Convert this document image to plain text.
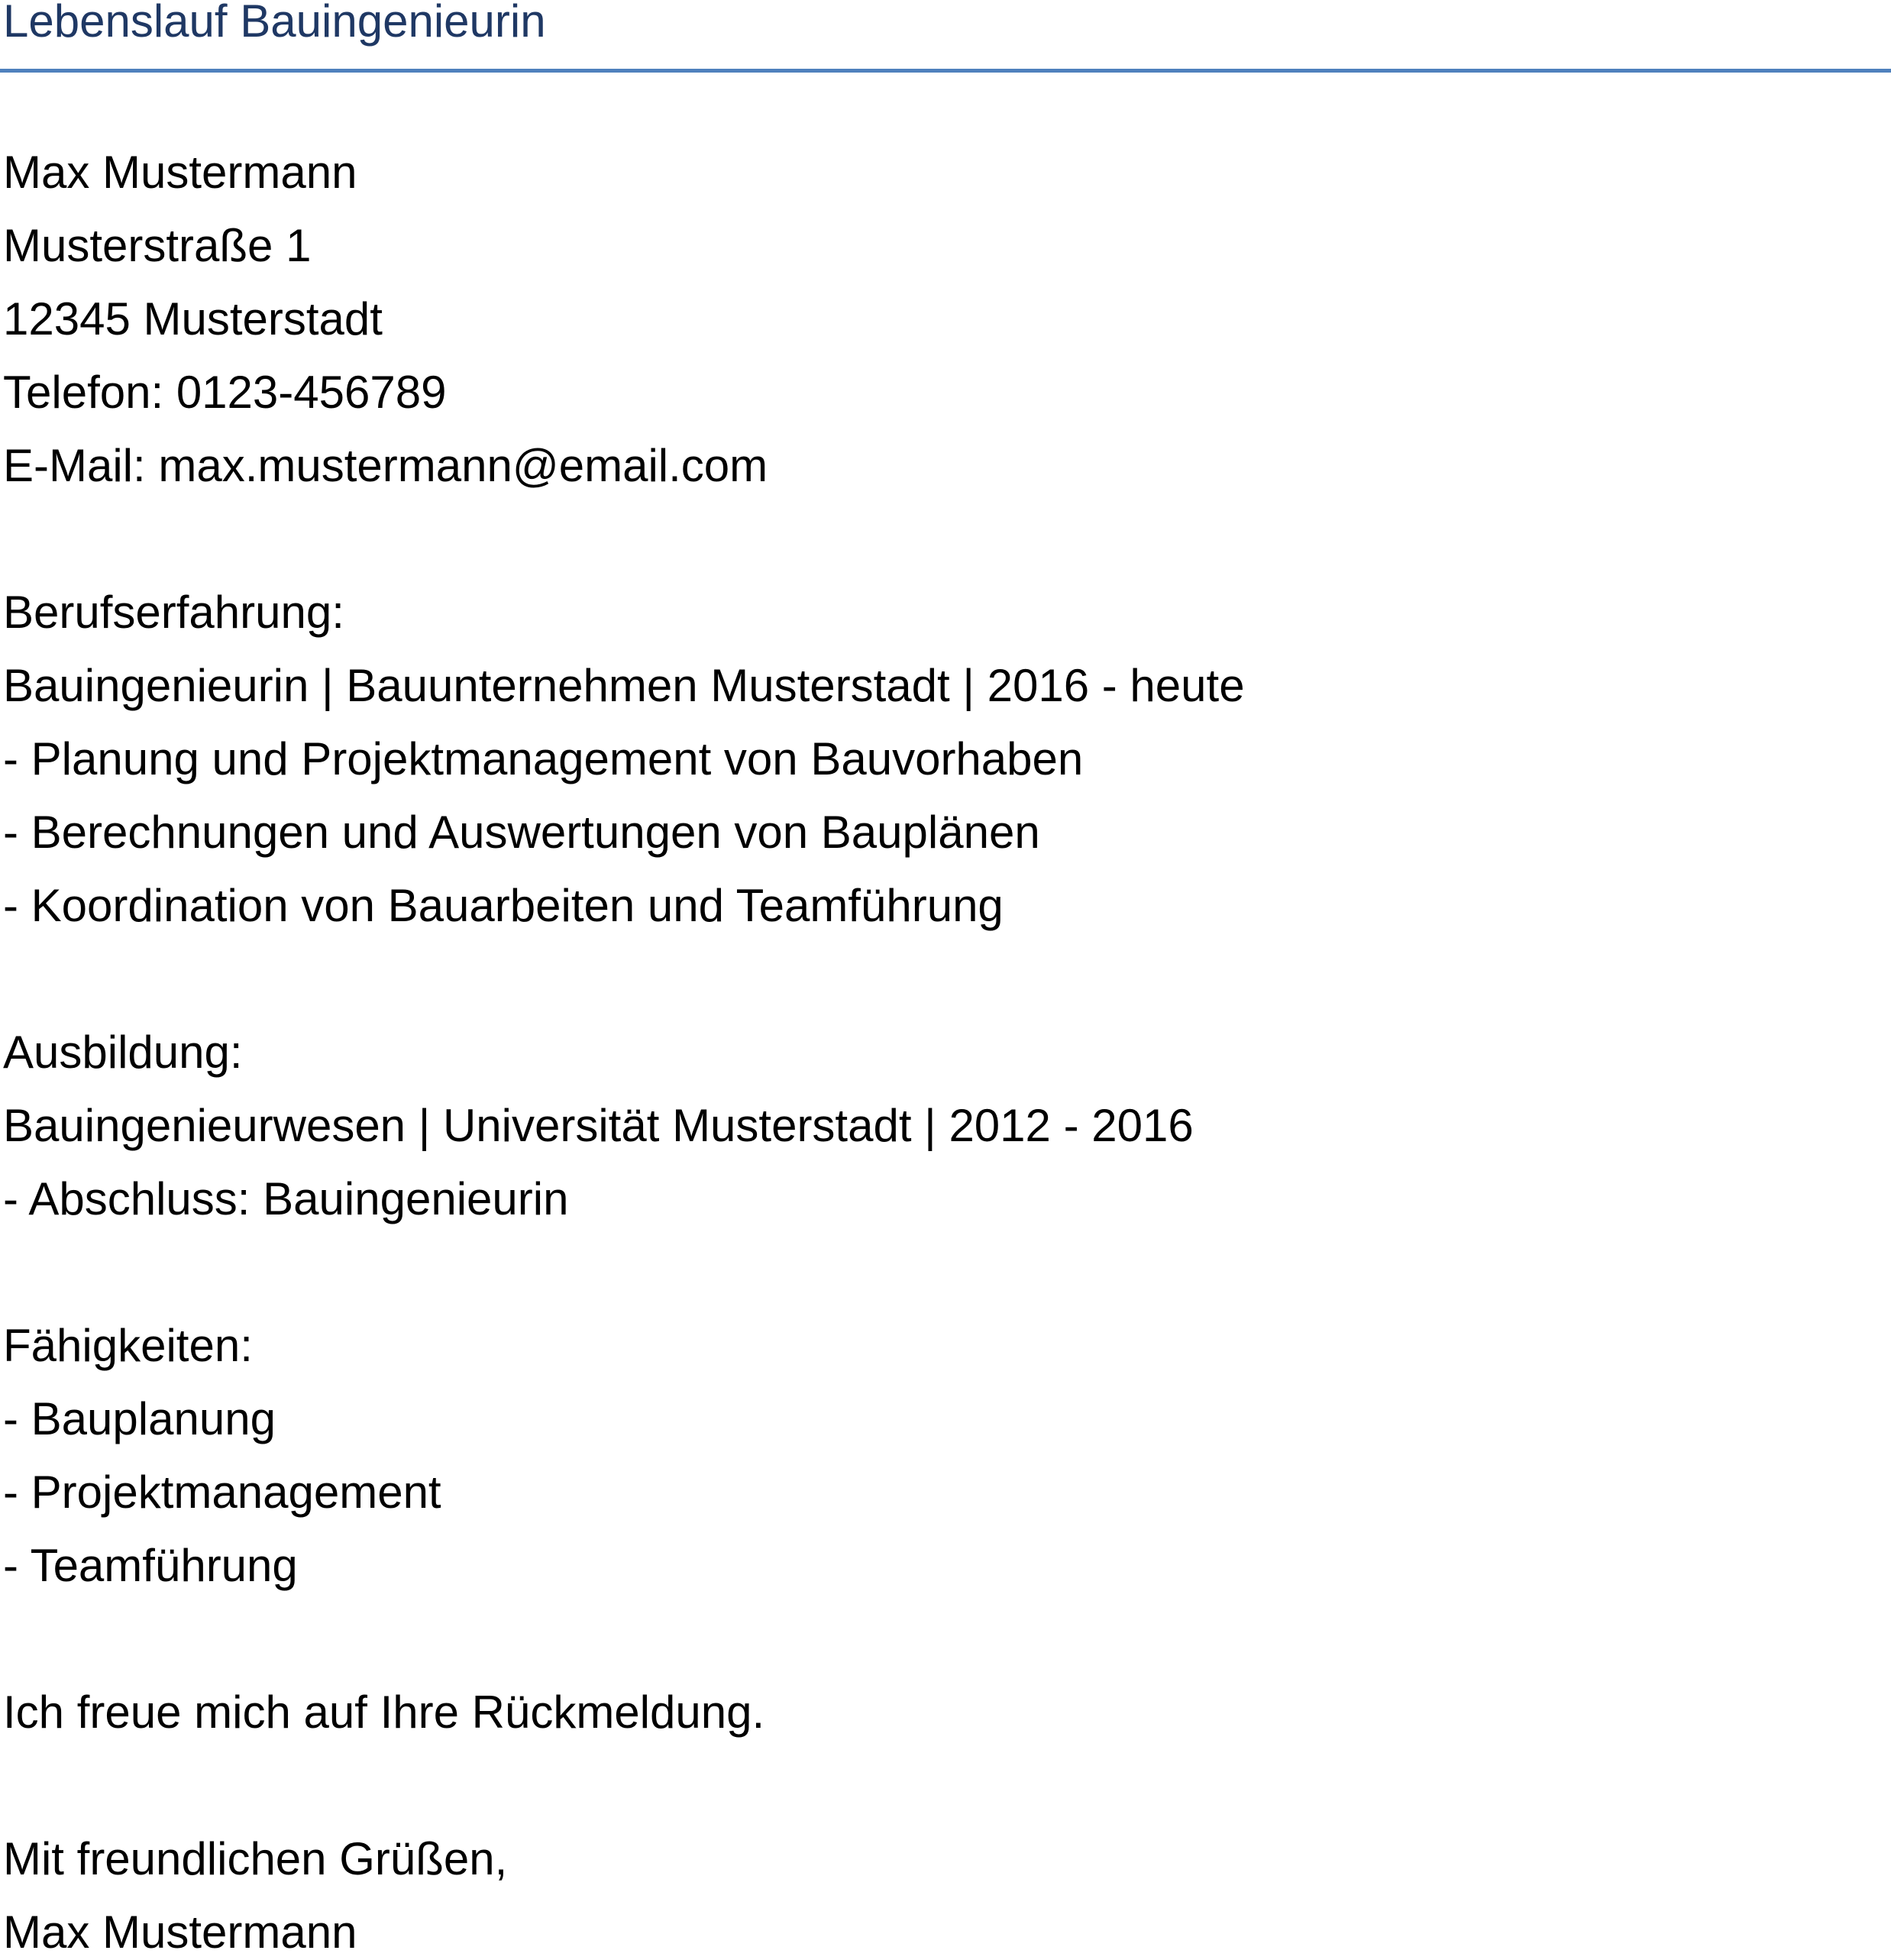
Lebenslauf Bauingenieurin
Max Mustermann
Musterstraße 1
12345 Musterstadt
Telefon: 0123-456789
E-Mail: max.mustermann@email.com
Berufserfahrung:
Bauingenieurin | Bauunternehmen Musterstadt | 2016 - heute
- Planung und Projektmanagement von Bauvorhaben
- Berechnungen und Auswertungen von Bauplänen
- Koordination von Bauarbeiten und Teamführung
Ausbildung:
Bauingenieurwesen | Universität Musterstadt | 2012 - 2016
- Abschluss: Bauingenieurin
Fähigkeiten:
- Bauplanung
- Projektmanagement
- Teamführung
Ich freue mich auf Ihre Rückmeldung.
Mit freundlichen Grüßen,
Max Mustermann
